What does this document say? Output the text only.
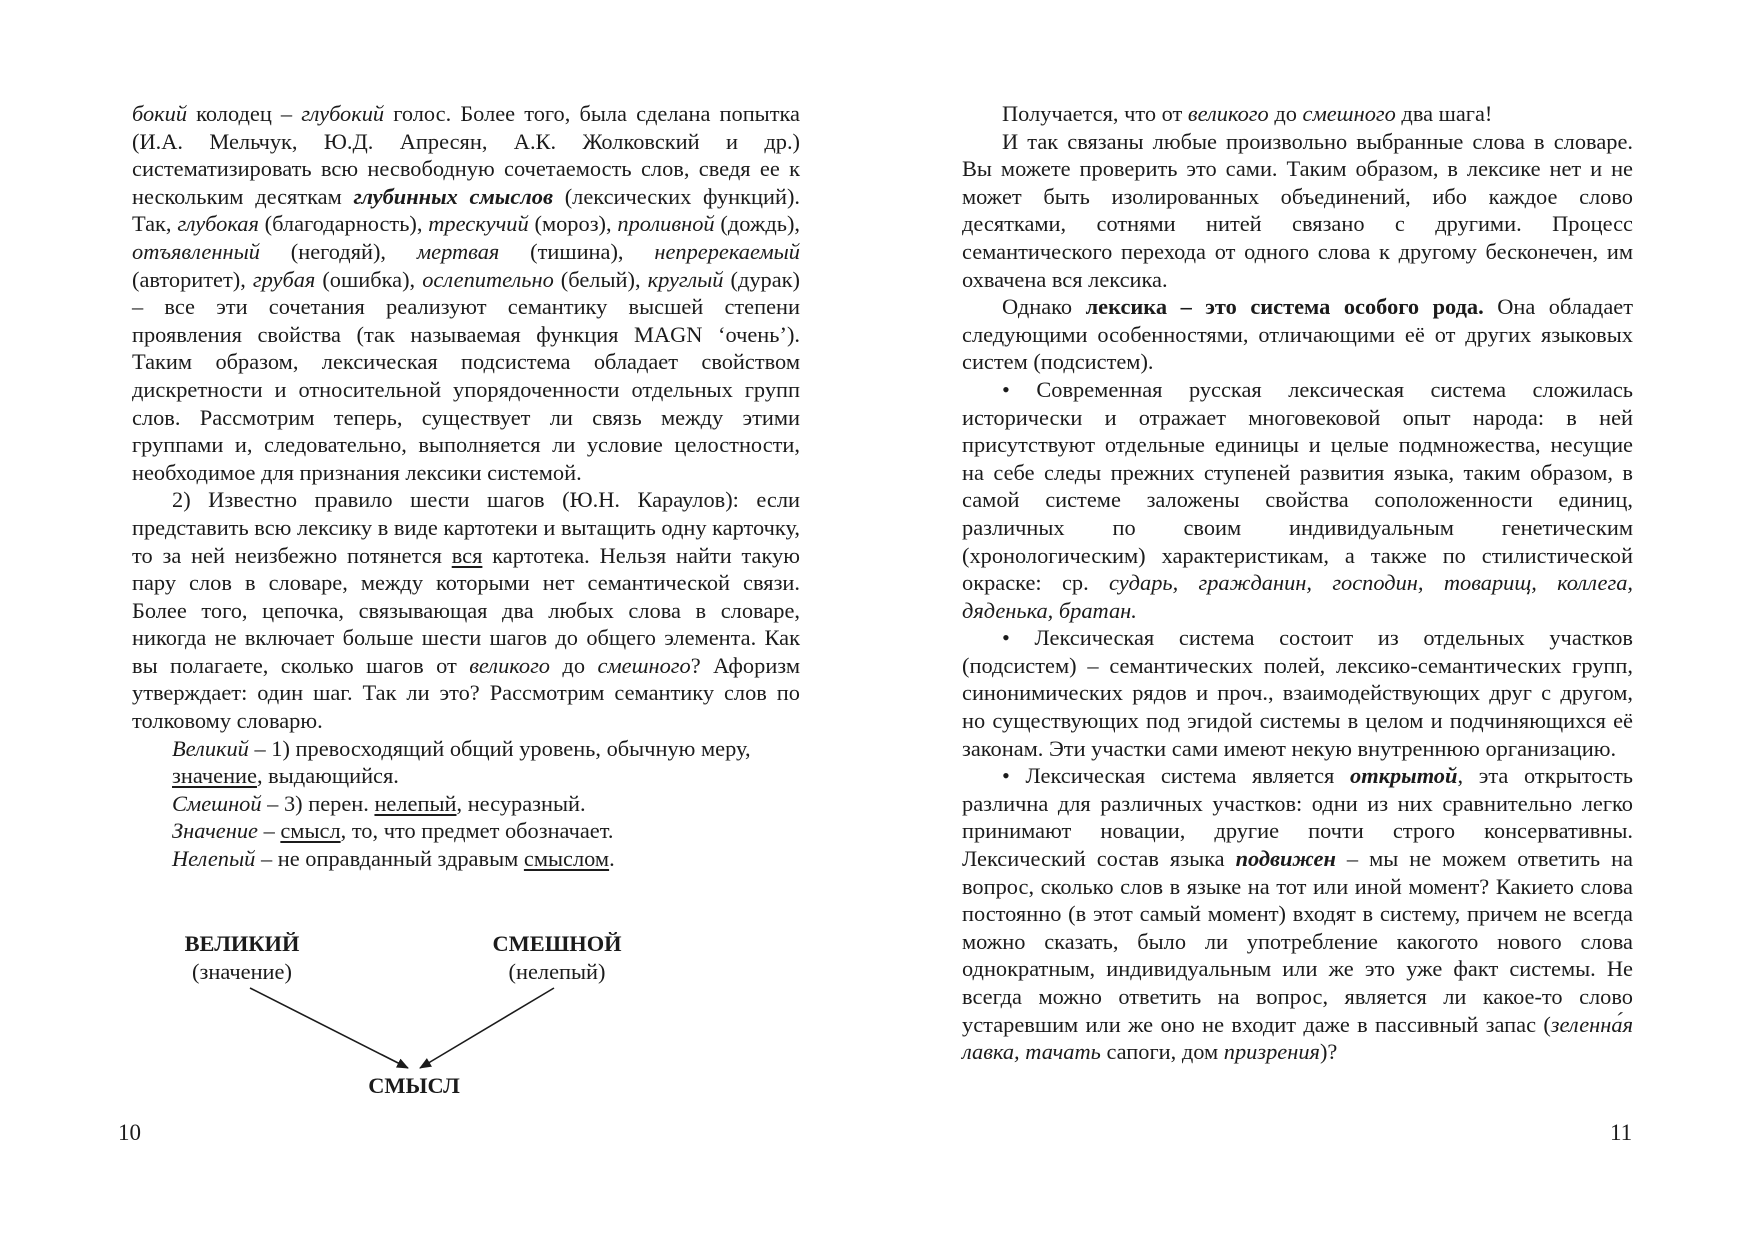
бокий колодец – глубокий голос. Более того, была сделана попытка (И.А. Мельчук, Ю.Д. Апресян, А.К. Жолковский и др.) систематизировать всю несвободную сочетаемость слов, сведя ее к нескольким десяткам глубинных смыслов (лексических функций). Так, глубокая (благодарность), трескучий (мороз), проливной (дождь), отъявленный (негодяй), мертвая (тишина), непререкаемый (авторитет), грубая (ошибка), ослепительно (белый), круглый (дурак) – все эти сочетания реализуют семантику высшей степени проявления свойства (так называемая функция MAGN ‘очень’). Таким образом, лексическая подсистема обладает свойством дискретности и относительной упорядоченности отдельных групп слов. Рассмотрим теперь, существует ли связь между этими группами и, следовательно, выполняется ли условие целостности, необходимое для признания лексики системой.

2) Известно правило шести шагов (Ю.Н. Караулов): если представить всю лексику в виде картотеки и вытащить одну карточку, то за ней неизбежно потянется вся картотека. Нельзя найти такую пару слов в словаре, между которыми нет семантической связи. Более того, цепочка, связывающая два любых слова в словаре, никогда не включает больше шести шагов до общего элемента. Как вы полагаете, сколько шагов от великого до смешного? Афоризм утверждает: один шаг. Так ли это? Рассмотрим семантику слов по толковому словарю.

Великий – 1) превосходящий общий уровень, обычную меру, значение, выдающийся.

Смешной – 3) перен. нелепый, несуразный.

Значение – смысл, то, что предмет обозначает.

Нелепый – не оправданный здравым смыслом.

ВЕЛИКИЙ
(значение)
СМЕШНОЙ
(нелепый)
СМЫСЛ
10

Получается, что от великого до смешного два шага!

И так связаны любые произвольно выбранные слова в словаре. Вы можете проверить это сами. Таким образом, в лексике нет и не может быть изолированных объединений, ибо каждое слово десятками, сотнями нитей связано с другими. Процесс семантического перехода от одного слова к другому бесконечен, им охвачена вся лексика.

Однако лексика – это система особого рода. Она обладает следующими особенностями, отличающими её от других языковых систем (подсистем).

• Современная русская лексическая система сложилась исторически и отражает многовековой опыт народа: в ней присутствуют отдельные единицы и целые подмножества, несущие на себе следы прежних ступеней развития языка, таким образом, в самой системе заложены свойства соположенности единиц, различных по своим индивидуальным генетическим (хронологическим) характеристикам, а также по стилистической окраске: ср. сударь, гражданин, господин, товарищ, коллега, дяденька, братан.

• Лексическая система состоит из отдельных участков (подсистем) – семантических полей, лексико-семантических групп, синонимических рядов и проч., взаимодействующих друг с другом, но существующих под эгидой системы в целом и подчиняющихся её законам. Эти участки сами имеют некую внутреннюю организацию.

• Лексическая система является открытой, эта открытость различна для различных участков: одни из них сравнительно легко принимают новации, другие почти строго консервативны. Лексический состав языка подвижен – мы не можем ответить на вопрос, сколько слов в языке на тот или иной момент? Какието слова постоянно (в этот самый момент) входят в систему, причем не всегда можно сказать, было ли употребление какогото нового слова однократным, индивидуальным или же это уже факт системы. Не всегда можно ответить на вопрос, является ли какое-то слово устаревшим или же оно не входит даже в пассивный запас (зеленна́я лавка, тачать сапоги, дом призрения)?

11
